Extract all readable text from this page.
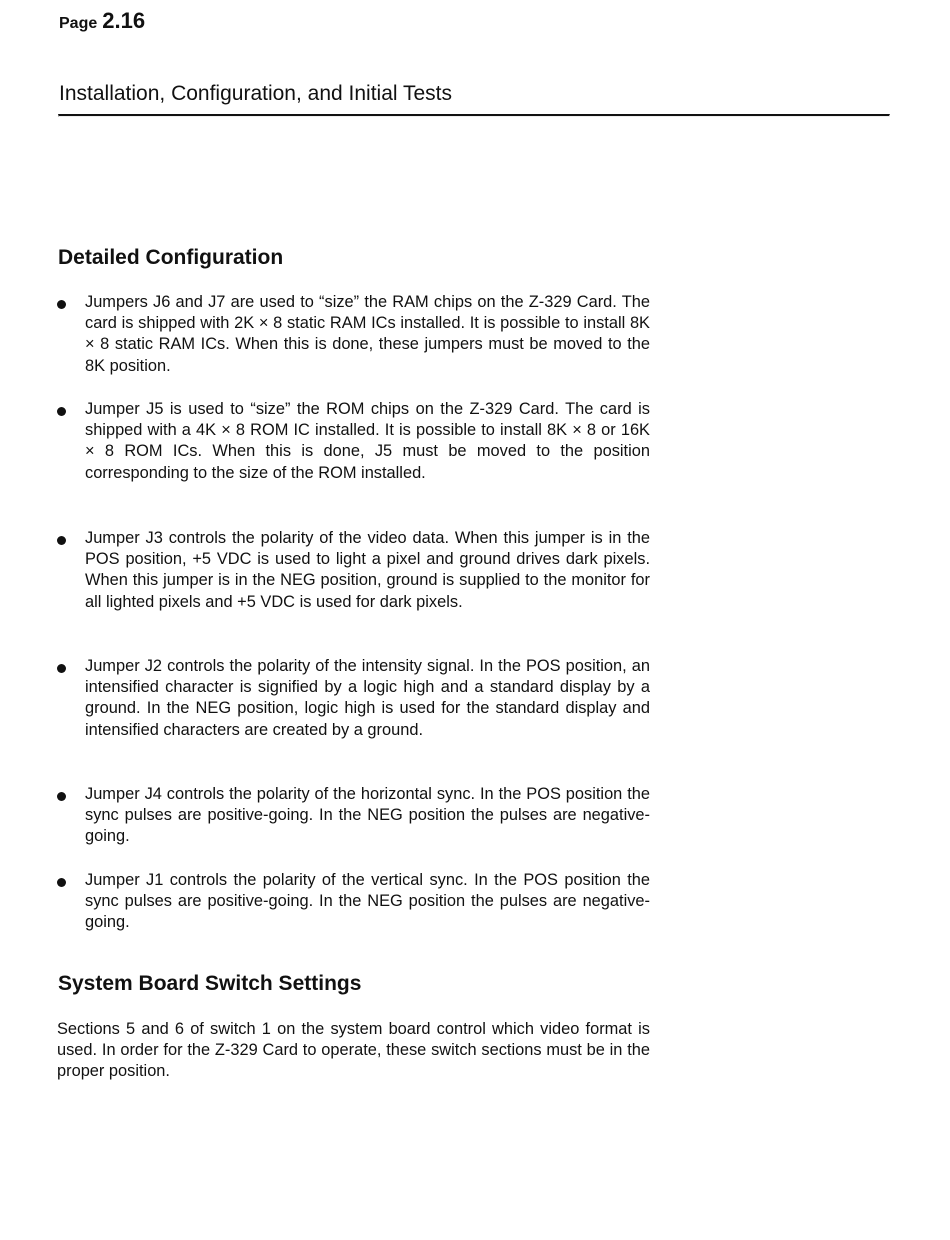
Page 2.16
Installation, Configuration, and Initial Tests
Detailed Configuration

Jumpers J6 and J7 are used to “size” the RAM chips on the Z-329 Card. The card is shipped with 2K × 8 static RAM ICs installed. It is possible to install 8K × 8 static RAM ICs. When this is done, these jumpers must be moved to the 8K position.

Jumper J5 is used to “size” the ROM chips on the Z-329 Card. The card is shipped with a 4K × 8 ROM IC installed. It is possible to install 8K × 8 or 16K × 8 ROM ICs. When this is done, J5 must be moved to the position corresponding to the size of the ROM installed.

Jumper J3 controls the polarity of the video data. When this jumper is in the POS position, +5 VDC is used to light a pixel and ground drives dark pixels. When this jumper is in the NEG position, ground is supplied to the monitor for all lighted pixels and +5 VDC is used for dark pixels.

Jumper J2 controls the polarity of the intensity signal. In the POS position, an intensified character is signified by a logic high and a standard display by a ground. In the NEG position, logic high is used for the standard display and intensified characters are created by a ground.

Jumper J4 controls the polarity of the horizontal sync. In the POS position the sync pulses are positive-going. In the NEG position the pulses are negative-going.

Jumper J1 controls the polarity of the vertical sync. In the POS position the sync pulses are positive-going. In the NEG position the pulses are negative-going.

System Board Switch Settings

Sections 5 and 6 of switch 1 on the system board control which video format is used. In order for the Z-329 Card to operate, these switch sections must be in the proper position.
